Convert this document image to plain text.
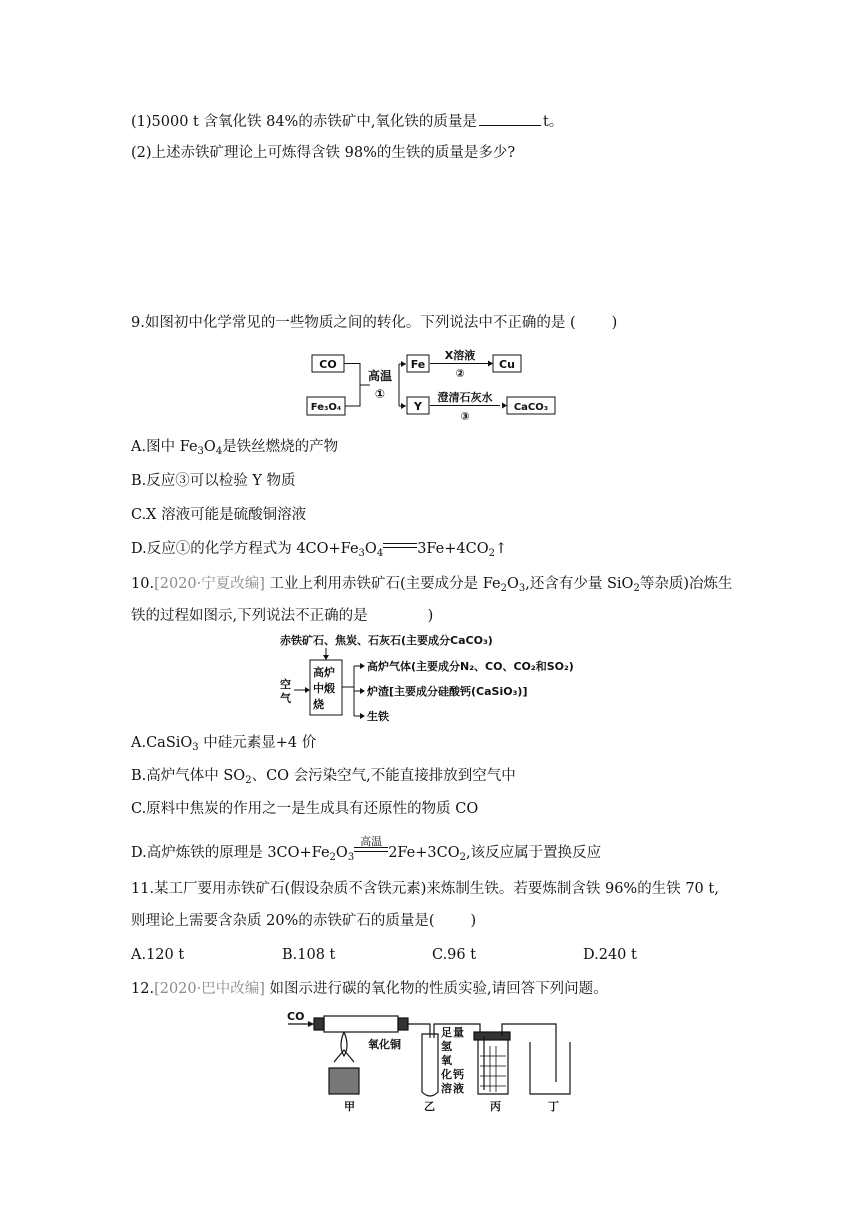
(1)5000 t 含氧化铁 84%的赤铁矿中,氧化铁的质量是	t。
(2)上述赤铁矿理论上可炼得含铁 98%的生铁的质量是多少?
9.如图初中化学常见的一些物质之间的转化。下列说法中不正确的是 ( )
CO
Fe₃O₄
高温
①
Fe
X溶液
②
Cu
Y
澄清石灰水
③
CaCO₃
A.图中 $Fe_3O_4$是铁丝燃烧的产物
B.反应③可以检验 Y 物质
C.X 溶液可能是硫酸铜溶液
D.反应①的化学方程式为 $4CO+Fe_3O_4$ $3Fe+4CO_2↑$
10.[2020·宁夏改编] 工业上利用赤铁矿石(主要成分是 $Fe_2O_3$,还含有少量 SiO$_2$等杂质)冶炼生
铁的过程如图示,下列说法不正确的是	)
赤铁矿石、焦炭、石灰石(主要成分CaCO₃)
空
气
高炉
中煅
烧
高炉气体(主要成分N₂、CO、CO₂和SO₂)
炉渣[主要成分硅酸钙(CaSiO₃)]
生铁
A.CaSiO$_3$ 中硅元素显+4 价
B.高炉气体中 $SO_2$、CO 会污染空气,不能直接排放到空气中
C.原料中焦炭的作用之一是生成具有还原性的物质 CO
D.高炉炼铁的原理是 $3CO+Fe_2O_3$
高温
$2Fe+3CO_2$,该反应属于置换反应
11.某工厂要用赤铁矿石(假设杂质不含铁元素)来炼制生铁。若要炼制含铁 96%的生铁 70 t,
则理论上需要含杂质 20%的赤铁矿石的质量是( )
A.120 t	B.108 t	C.96 t	D.240 t
12.[2020·巴中改编] 如图示进行碳的氧化物的性质实验,请回答下列问题。
CO
氧化铜
足 量
氢
氧
化 钙
溶 液
甲	乙	丙	丁
